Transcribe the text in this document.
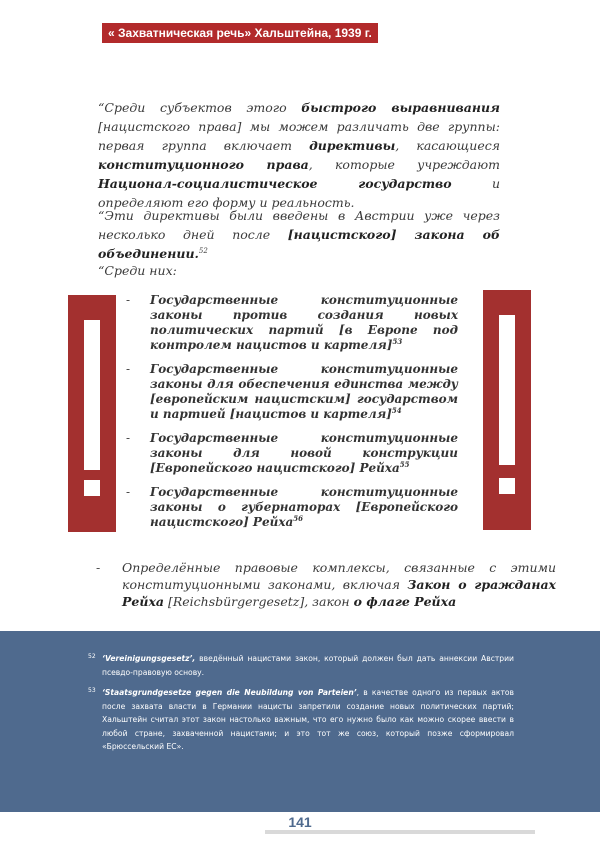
« Захватническая речь» Хальштейна, 1939 г.

“Среди субъектов этого быстрого выравнивания [нацистского права] мы можем различать две группы: первая группа включает директивы, касающиеся конституционного права, которые учреждают Национал-социалистическое государство и определяют его форму и реальность.

“Эти директивы были введены в Австрии уже через несколько дней после [нацистского] закона об объединении.$^{52}$

“Среди них:

- Государственные конституционные законы против создания новых политических партий [в Европе под контролем нацистов и картеля]$^{53}$
- Государственные конституционные законы для обеспечения единства между [европейским нацистским] государством и партией [нацистов и картеля]$^{54}$
- Государственные конституционные законы для новой конструкции [Европейского нацистского] Рейха$^{55}$
- Государственные конституционные законы о губернаторах [Европейского нацистского] Рейха$^{56}$

- Определённые правовые комплексы, связанные с этими конституционными законами, включая Закон о гражданах Рейха [Reichsbürgergesetz], закон о флаге Рейха

52 ‘Vereinigungsgesetz’, введённый нацистами закон, который должен был дать аннексии Австрии псевдо-правовую основу.

53 ‘Staatsgrundgesetze gegen die Neubildung von Parteien’, в качестве одного из первых актов после захвата власти в Германии нацисты запретили создание новых политических партий; Хальштейн считал этот закон настолько важным, что его нужно было как можно скорее ввести в любой стране, захваченной нацистами; и это тот же союз, который позже сформировал «Брюссельский ЕС».

141
